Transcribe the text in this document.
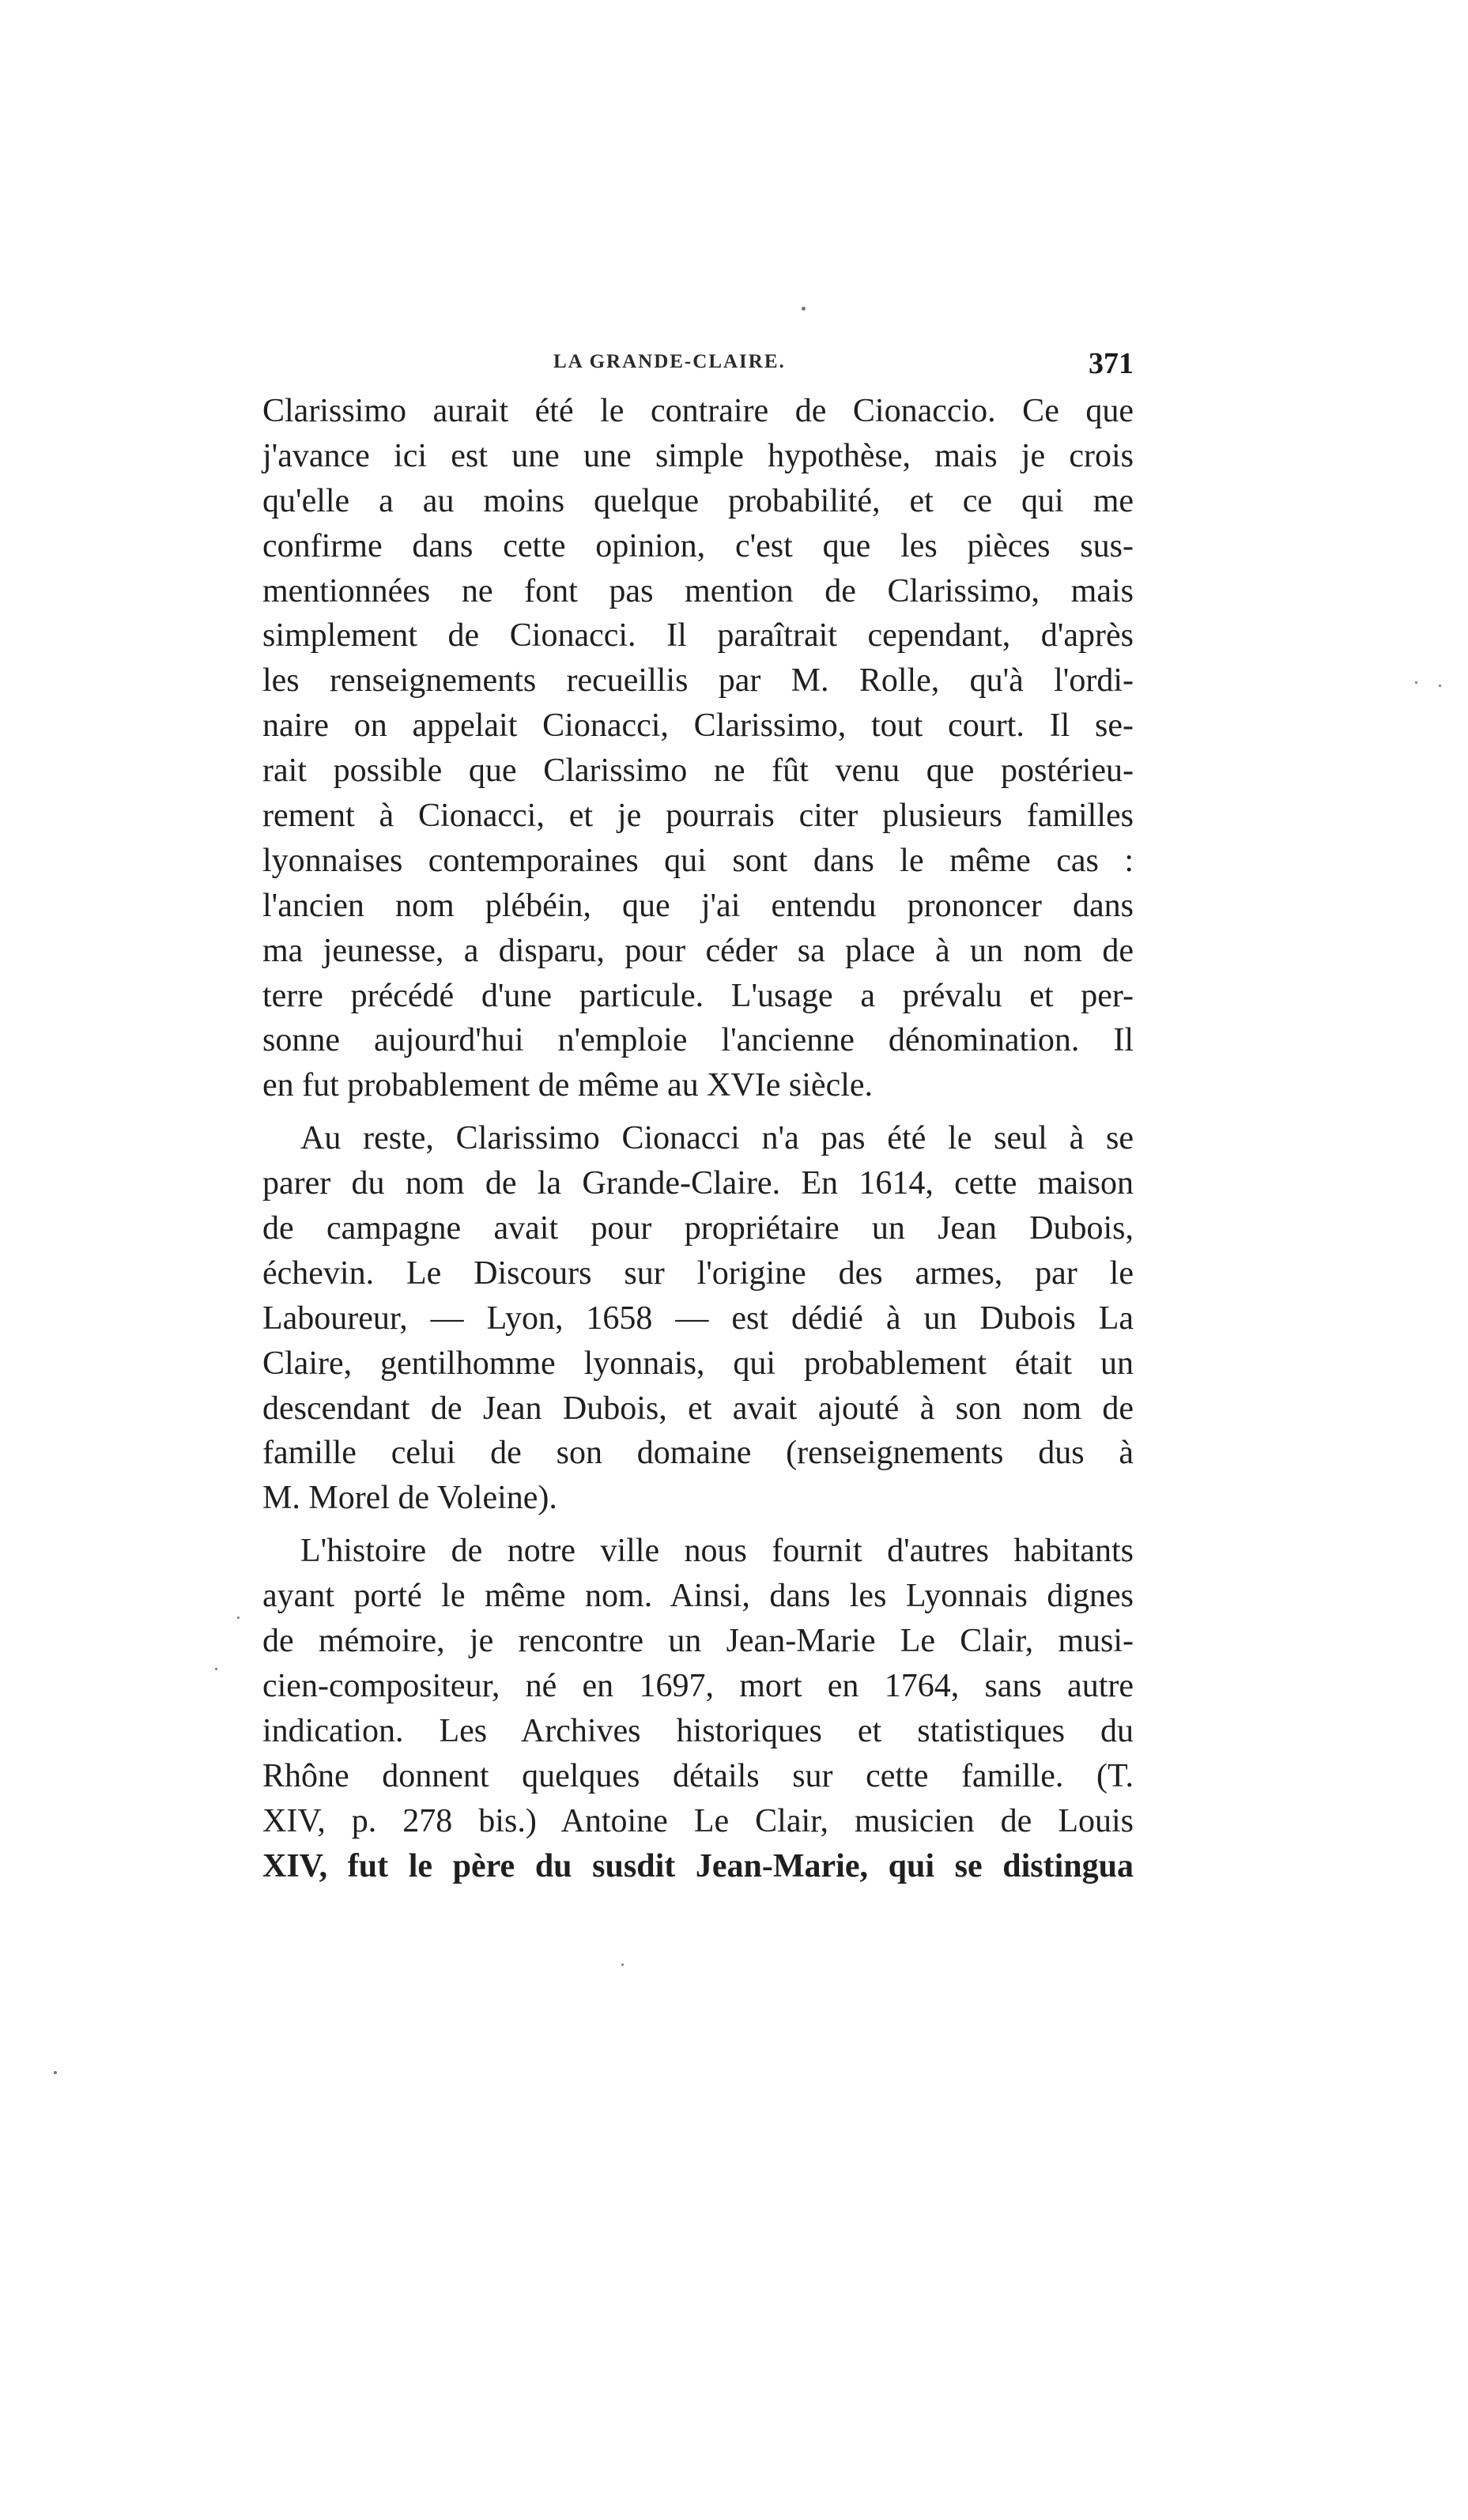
LA GRANDE-CLAIRE.	371
Clarissimo aurait été le contraire de Cionaccio. Ce que
j'avance ici est une une simple hypothèse, mais je crois
qu'elle a au moins quelque probabilité, et ce qui me
confirme dans cette opinion, c'est que les pièces sus-
mentionnées ne font pas mention de Clarissimo, mais
simplement de Cionacci. Il paraîtrait cependant, d'après
les renseignements recueillis par M. Rolle, qu'à l'ordi-
naire on appelait Cionacci, Clarissimo, tout court. Il se-
rait possible que Clarissimo ne fût venu que postérieu-
rement à Cionacci, et je pourrais citer plusieurs familles
lyonnaises contemporaines qui sont dans le même cas :
l'ancien nom plébéin, que j'ai entendu prononcer dans
ma jeunesse, a disparu, pour céder sa place à un nom de
terre précédé d'une particule. L'usage a prévalu et per-
sonne aujourd'hui n'emploie l'ancienne dénomination. Il
en fut probablement de même au XVIe siècle.
Au reste, Clarissimo Cionacci n'a pas été le seul à se
parer du nom de la Grande-Claire. En 1614, cette maison
de campagne avait pour propriétaire un Jean Dubois,
échevin. Le Discours sur l'origine des armes, par le
Laboureur, — Lyon, 1658 — est dédié à un Dubois La
Claire, gentilhomme lyonnais, qui probablement était un
descendant de Jean Dubois, et avait ajouté à son nom de
famille celui de son domaine (renseignements dus à
M. Morel de Voleine).
L'histoire de notre ville nous fournit d'autres habitants
ayant porté le même nom. Ainsi, dans les Lyonnais dignes
de mémoire, je rencontre un Jean-Marie Le Clair, musi-
cien-compositeur, né en 1697, mort en 1764, sans autre
indication. Les Archives historiques et statistiques du
Rhône donnent quelques détails sur cette famille. (T.
XIV, p. 278 bis.) Antoine Le Clair, musicien de Louis
XIV, fut le père du susdit Jean-Marie, qui se distingua
